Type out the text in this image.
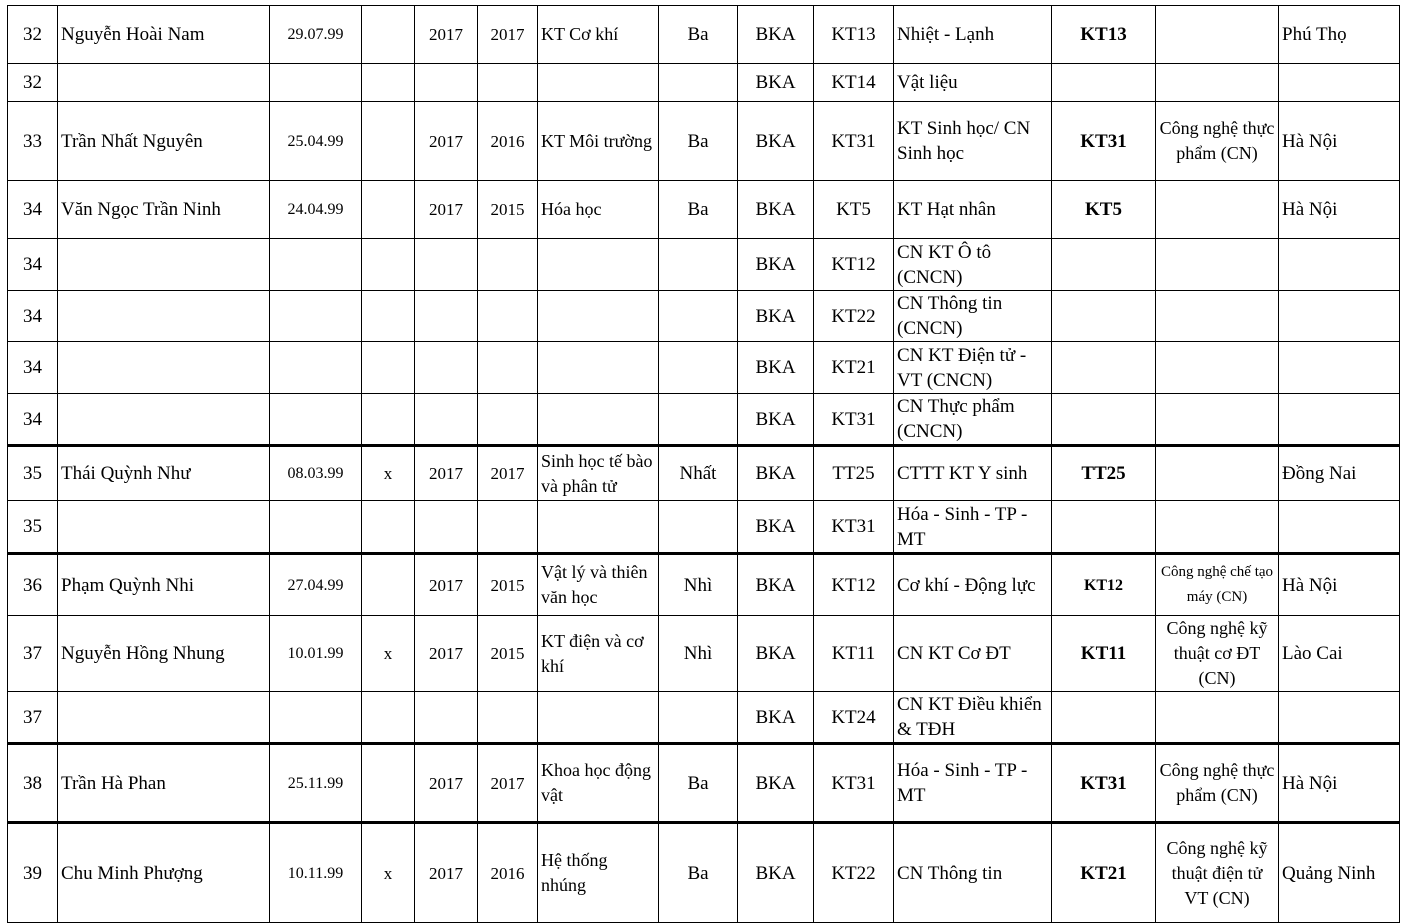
32	Nguyễn Hoài Nam	29.07.99		2017	2017	KT Cơ khí	Ba	BKA	KT13	Nhiệt - Lạnh	KT13		Phú Thọ
32								BKA	KT14	Vật liệu			
33	Trần Nhất Nguyên	25.04.99		2017	2016	KT Môi trường	Ba	BKA	KT31	KT Sinh học/ CN Sinh học	KT31	Công nghệ thực phẩm (CN)	Hà Nội
34	Văn Ngọc Trần Ninh	24.04.99		2017	2015	Hóa học	Ba	BKA	KT5	KT Hạt nhân	KT5		Hà Nội
34								BKA	KT12	CN KT Ô tô (CNCN)			
34								BKA	KT22	CN Thông tin (CNCN)			
34								BKA	KT21	CN KT Điện tử - VT (CNCN)			
34								BKA	KT31	CN Thực phẩm (CNCN)			
35	Thái Quỳnh Như	08.03.99	x	2017	2017	Sinh học tế bào và phân tử	Nhất	BKA	TT25	CTTT KT Y sinh	TT25		Đồng Nai
35								BKA	KT31	Hóa - Sinh - TP - MT			
36	Phạm Quỳnh Nhi	27.04.99		2017	2015	Vật lý và thiên văn học	Nhì	BKA	KT12	Cơ khí - Động lực	KT12	Công nghệ chế tạo máy (CN)	Hà Nội
37	Nguyễn Hồng Nhung	10.01.99	x	2017	2015	KT điện và cơ khí	Nhì	BKA	KT11	CN KT Cơ ĐT	KT11	Công nghệ kỹ thuật cơ ĐT (CN)	Lào Cai
37								BKA	KT24	CN KT Điều khiển & TĐH			
38	Trần Hà Phan	25.11.99		2017	2017	Khoa học động vật	Ba	BKA	KT31	Hóa - Sinh - TP - MT	KT31	Công nghệ thực phẩm (CN)	Hà Nội
39	Chu Minh Phượng	10.11.99	x	2017	2016	Hệ thống nhúng	Ba	BKA	KT22	CN Thông tin	KT21	Công nghệ kỹ thuật điện tử VT (CN)	Quảng Ninh
